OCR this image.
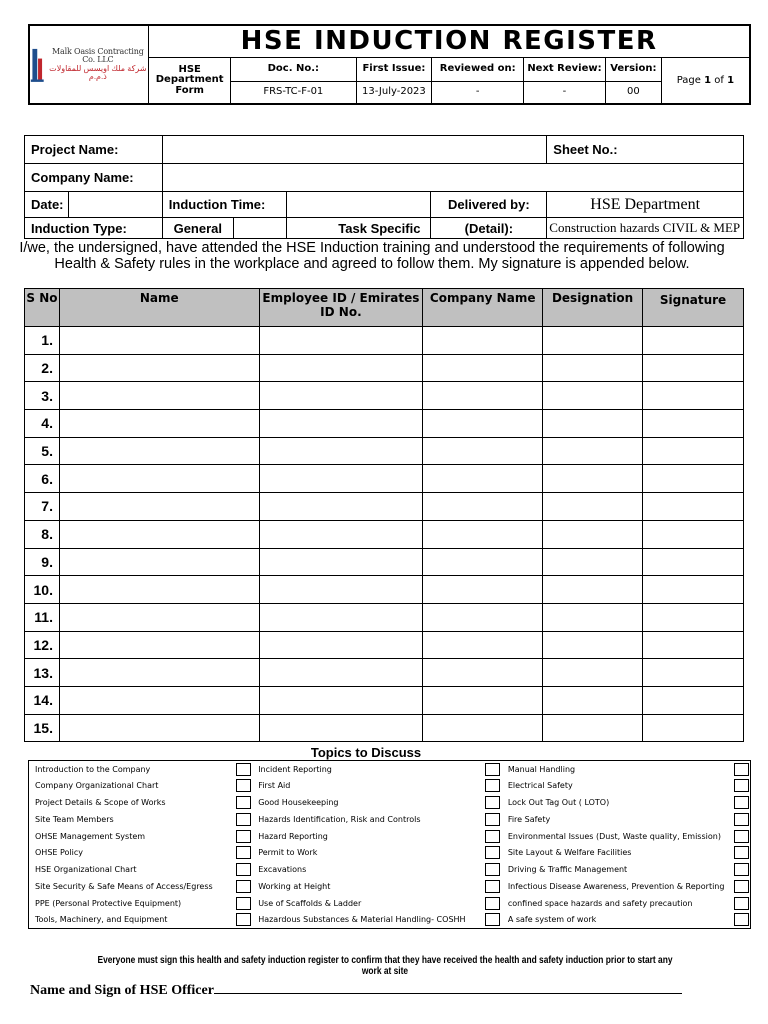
Malk Oasis Contracting Co. LLC
شركة ملك اويسس للمقاولات ذ.م.م	HSE INDUCTION REGISTER						
	HSE Department Form	Doc. No.:	First Issue:	Reviewed on:	Next Review:	Version:	Page 1 of 1
		FRS-TC-F-01	13-July-2023	-	-	00	
Project Name:					Sheet No.:
Company Name:					
Date:		Induction Time:		Delivered by:	HSE Department
Induction Type:		General	Task Specific	(Detail):	Construction hazards CIVIL & MEP
I/we, the undersigned, have attended the HSE Induction training and understood the requirements of following Health & Safety rules in the workplace and agreed to follow them. My signature is appended below.
S No	Name	Employee ID / Emirates ID No.	Company Name	Designation	Signature
1.					
2.					
3.					
4.					
5.					
6.					
7.					
8.					
9.					
10.					
11.					
12.					
13.					
14.					
15.					
Topics to Discuss
Introduction to the Company		Incident Reporting		Manual Handling	
Company Organizational Chart		First Aid		Electrical Safety	
Project Details & Scope of Works		Good Housekeeping		Lock Out Tag Out ( LOTO)	
Site Team Members		Hazards Identification, Risk and Controls		Fire Safety	
OHSE Management System		Hazard Reporting		Environmental Issues (Dust, Waste quality, Emission)	
OHSE Policy		Permit to Work		Site Layout & Welfare Facilities	
HSE Organizational Chart		Excavations		Driving & Traffic Management	
Site Security & Safe Means of Access/Egress		Working at Height		Infectious Disease Awareness, Prevention & Reporting	
PPE (Personal Protective Equipment)		Use of Scaffolds & Ladder		confined space hazards and safety precaution	
Tools, Machinery, and Equipment		Hazardous Substances & Material Handling- COSHH		A safe system of work	
Everyone must sign this health and safety induction register to confirm that they have received the health and safety induction prior to start any work at site
Name and Sign of HSE Officer
